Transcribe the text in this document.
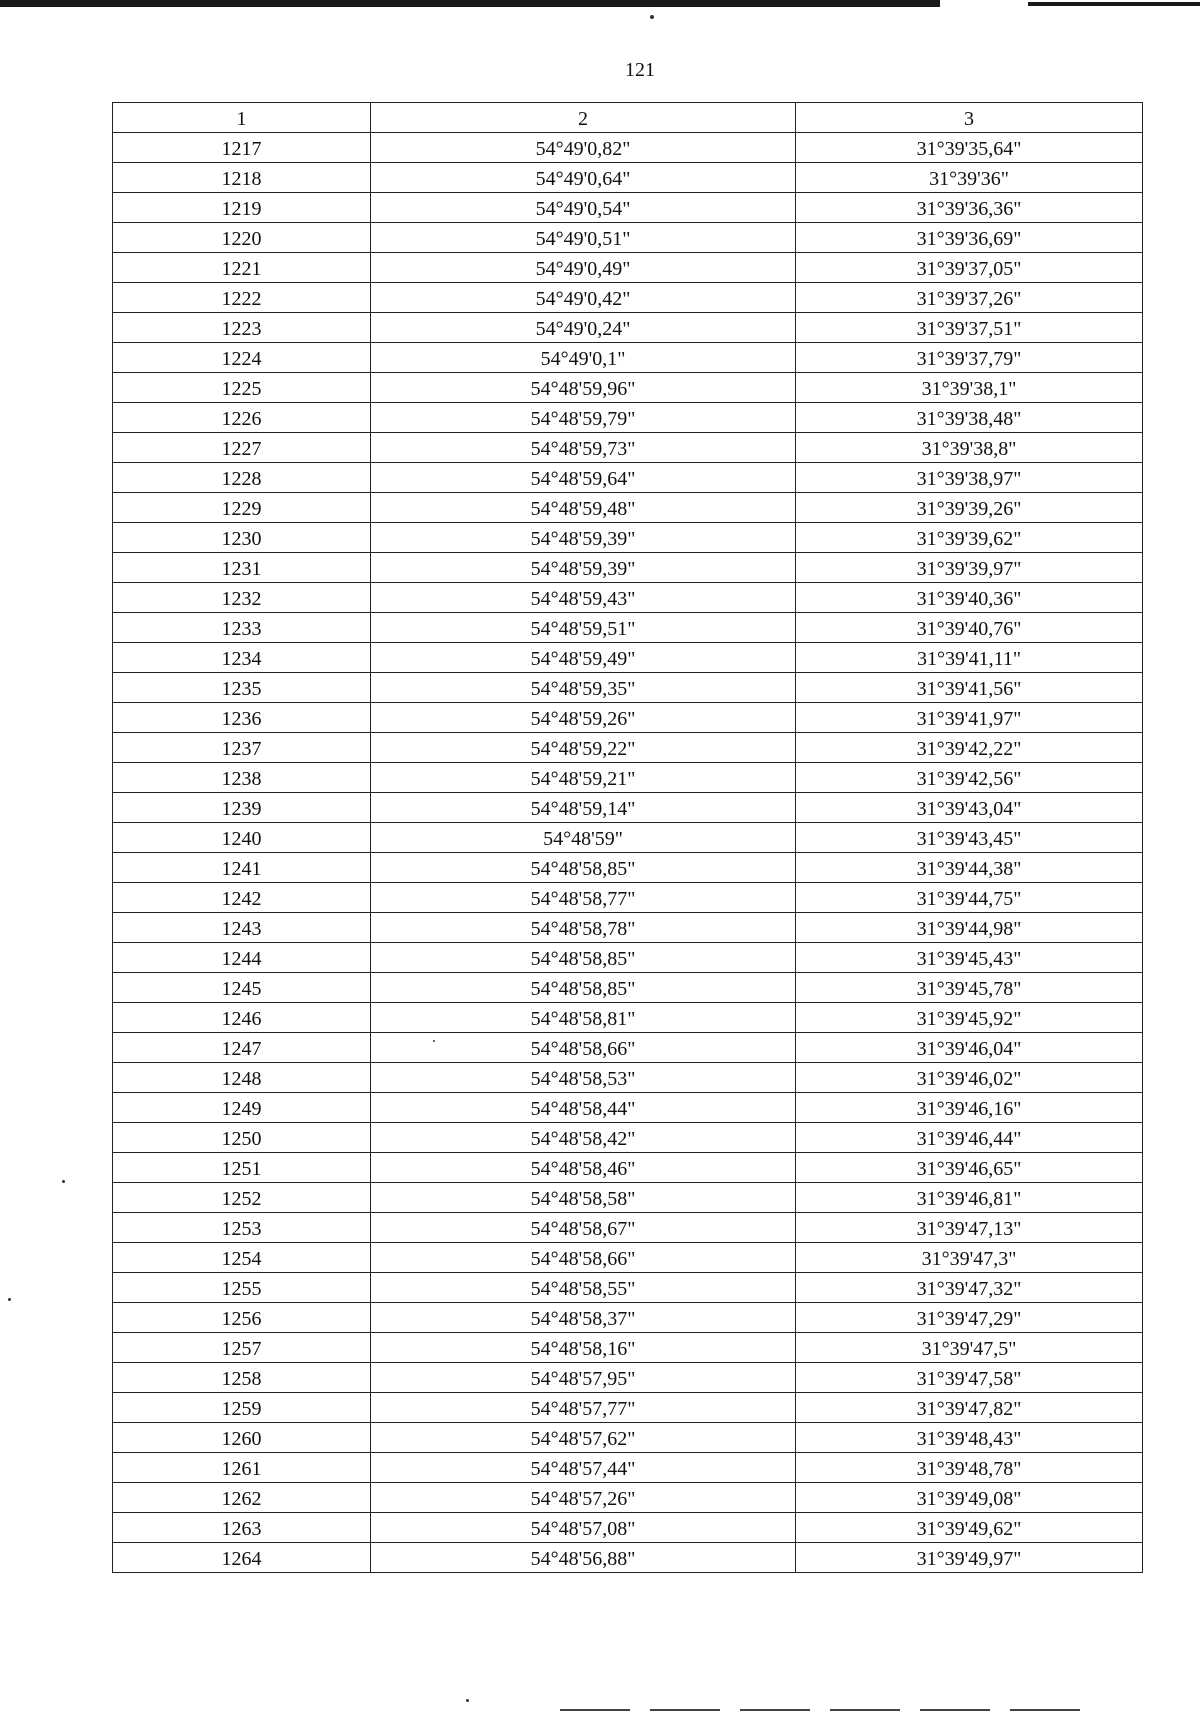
121
1	2	3
1217	54°49'0,82"	31°39'35,64"
1218	54°49'0,64"	31°39'36"
1219	54°49'0,54"	31°39'36,36"
1220	54°49'0,51"	31°39'36,69"
1221	54°49'0,49"	31°39'37,05"
1222	54°49'0,42"	31°39'37,26"
1223	54°49'0,24"	31°39'37,51"
1224	54°49'0,1"	31°39'37,79"
1225	54°48'59,96"	31°39'38,1"
1226	54°48'59,79"	31°39'38,48"
1227	54°48'59,73"	31°39'38,8"
1228	54°48'59,64"	31°39'38,97"
1229	54°48'59,48"	31°39'39,26"
1230	54°48'59,39"	31°39'39,62"
1231	54°48'59,39"	31°39'39,97"
1232	54°48'59,43"	31°39'40,36"
1233	54°48'59,51"	31°39'40,76"
1234	54°48'59,49"	31°39'41,11"
1235	54°48'59,35"	31°39'41,56"
1236	54°48'59,26"	31°39'41,97"
1237	54°48'59,22"	31°39'42,22"
1238	54°48'59,21"	31°39'42,56"
1239	54°48'59,14"	31°39'43,04"
1240	54°48'59"	31°39'43,45"
1241	54°48'58,85"	31°39'44,38"
1242	54°48'58,77"	31°39'44,75"
1243	54°48'58,78"	31°39'44,98"
1244	54°48'58,85"	31°39'45,43"
1245	54°48'58,85"	31°39'45,78"
1246	54°48'58,81"	31°39'45,92"
1247	54°48'58,66"	31°39'46,04"
1248	54°48'58,53"	31°39'46,02"
1249	54°48'58,44"	31°39'46,16"
1250	54°48'58,42"	31°39'46,44"
1251	54°48'58,46"	31°39'46,65"
1252	54°48'58,58"	31°39'46,81"
1253	54°48'58,67"	31°39'47,13"
1254	54°48'58,66"	31°39'47,3"
1255	54°48'58,55"	31°39'47,32"
1256	54°48'58,37"	31°39'47,29"
1257	54°48'58,16"	31°39'47,5"
1258	54°48'57,95"	31°39'47,58"
1259	54°48'57,77"	31°39'47,82"
1260	54°48'57,62"	31°39'48,43"
1261	54°48'57,44"	31°39'48,78"
1262	54°48'57,26"	31°39'49,08"
1263	54°48'57,08"	31°39'49,62"
1264	54°48'56,88"	31°39'49,97"
